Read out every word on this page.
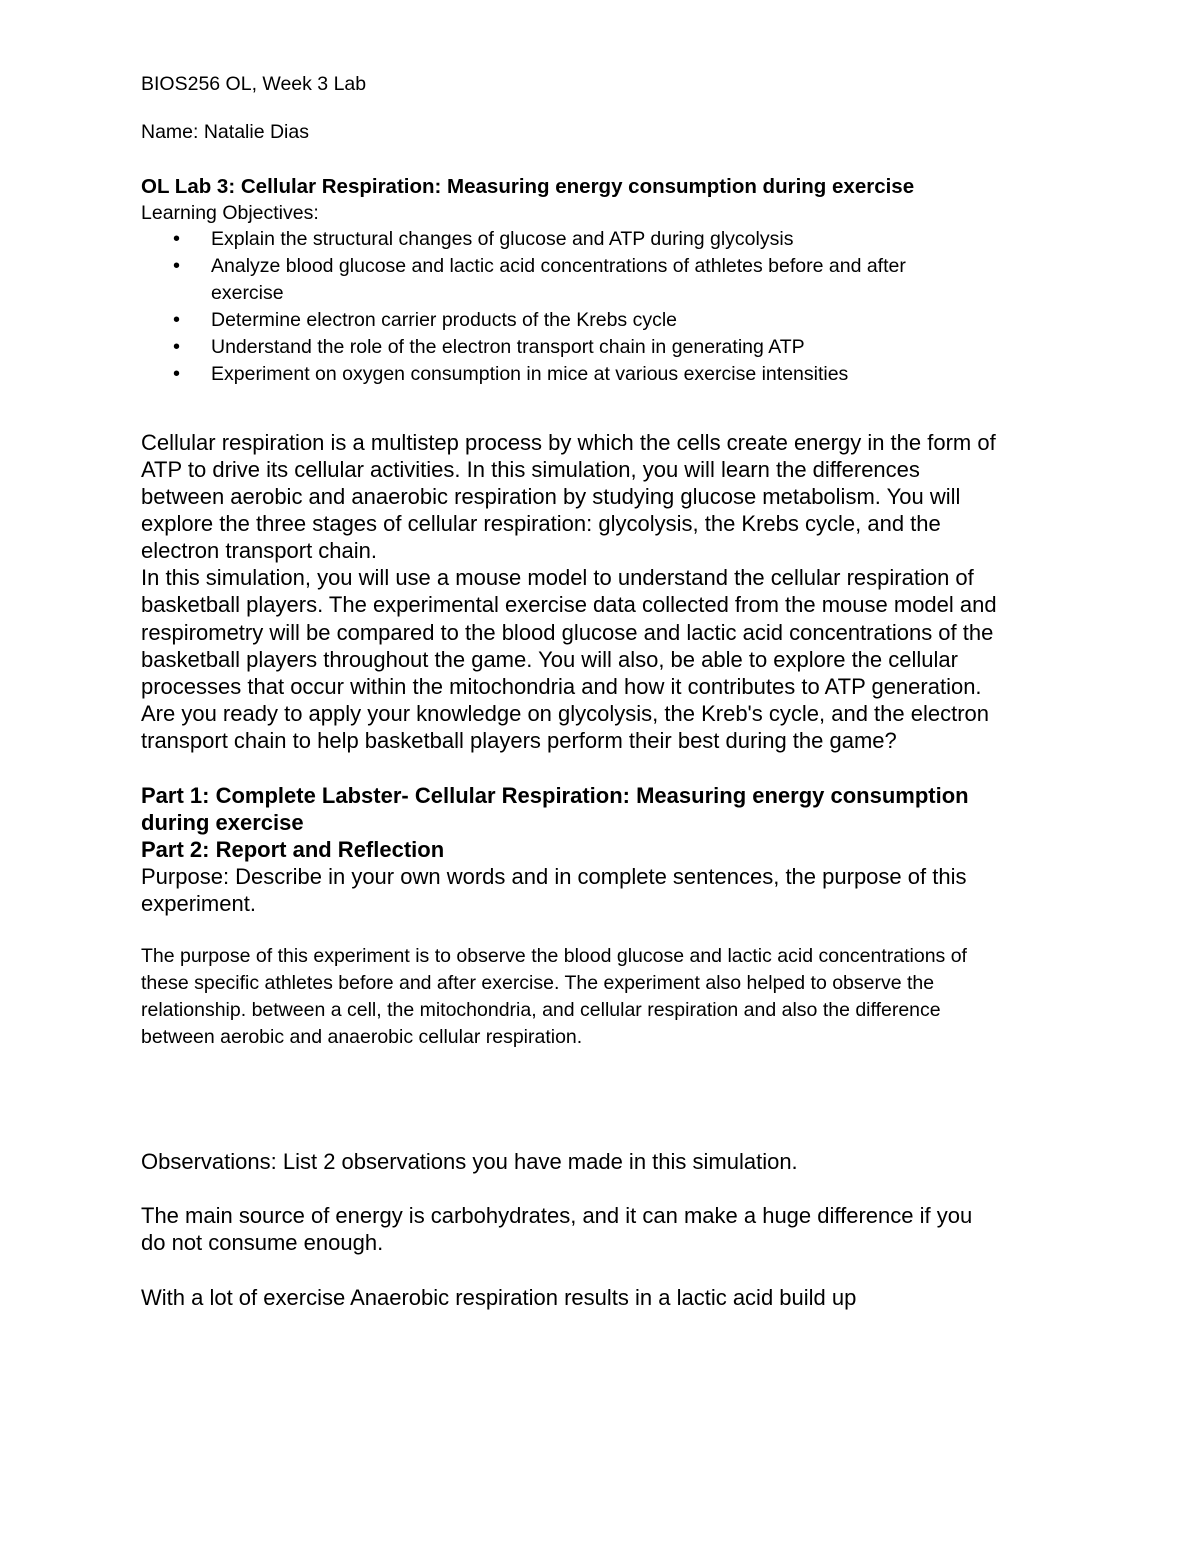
BIOS256 OL, Week 3 Lab

Name: Natalie Dias

OL Lab 3: Cellular Respiration: Measuring energy consumption during exercise

Learning Objectives:

• Explain the structural changes of glucose and ATP during glycolysis
• Analyze blood glucose and lactic acid concentrations of athletes before and after
exercise
• Determine electron carrier products of the Krebs cycle
• Understand the role of the electron transport chain in generating ATP
• Experiment on oxygen consumption in mice at various exercise intensities

Cellular respiration is a multistep process by which the cells create energy in the form of

ATP to drive its cellular activities. In this simulation, you will learn the differences

between aerobic and anaerobic respiration by studying glucose metabolism. You will

explore the three stages of cellular respiration: glycolysis, the Krebs cycle, and the

electron transport chain.

In this simulation, you will use a mouse model to understand the cellular respiration of

basketball players. The experimental exercise data collected from the mouse model and

respirometry will be compared to the blood glucose and lactic acid concentrations of the

basketball players throughout the game. You will also, be able to explore the cellular

processes that occur within the mitochondria and how it contributes to ATP generation.

Are you ready to apply your knowledge on glycolysis, the Kreb's cycle, and the electron

transport chain to help basketball players perform their best during the game?

Part 1: Complete Labster- Cellular Respiration: Measuring energy consumption

during exercise

Part 2: Report and Reflection

Purpose: Describe in your own words and in complete sentences, the purpose of this

experiment.

The purpose of this experiment is to observe the blood glucose and lactic acid concentrations of

these specific athletes before and after exercise. The experiment also helped to observe the

relationship. between a cell, the mitochondria, and cellular respiration and also the difference

between aerobic and anaerobic cellular respiration.

Observations: List 2 observations you have made in this simulation.

The main source of energy is carbohydrates, and it can make a huge difference if you

do not consume enough.

With a lot of exercise Anaerobic respiration results in a lactic acid build up
